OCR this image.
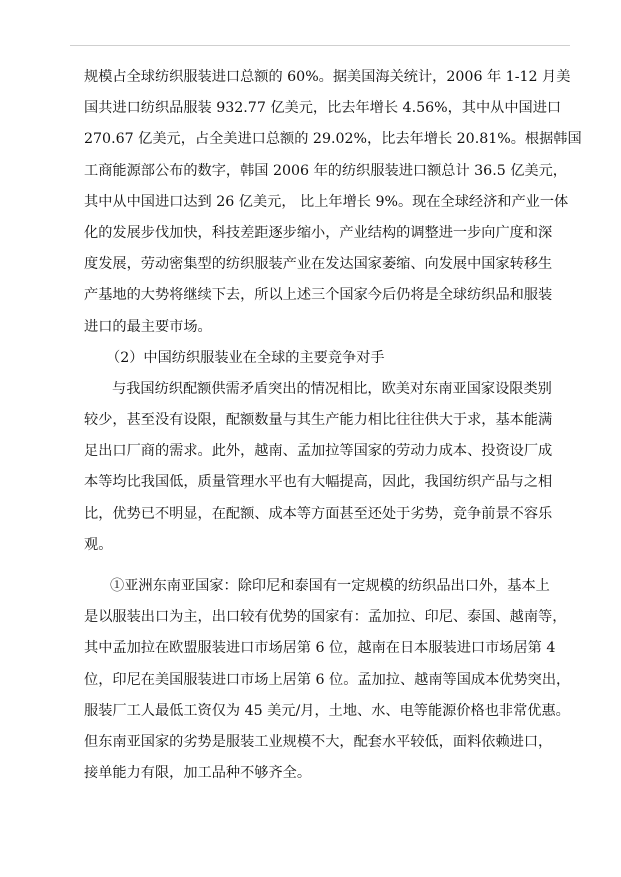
规模占全球纺织服装进口总额的 60%。据美国海关统计，2006 年 1-12 月美
国共进口纺织品服装 932.77 亿美元，比去年增长 4.56%，其中从中国进口
270.67 亿美元，占全美进口总额的 29.02%，比去年增长 20.81%。根据韩国
工商能源部公布的数字，韩国 2006 年的纺织服装进口额总计 36.5 亿美元，
其中从中国进口达到 26 亿美元， 比上年增长 9%。现在全球经济和产业一体
化的发展步伐加快，科技差距逐步缩小，产业结构的调整进一步向广度和深
度发展，劳动密集型的纺织服装产业在发达国家萎缩、向发展中国家转移生
产基地的大势将继续下去，所以上述三个国家今后仍将是全球纺织品和服装
进口的最主要市场。
（2）中国纺织服装业在全球的主要竞争对手
与我国纺织配额供需矛盾突出的情况相比，欧美对东南亚国家设限类别
较少，甚至没有设限，配额数量与其生产能力相比往往供大于求，基本能满
足出口厂商的需求。此外，越南、孟加拉等国家的劳动力成本、投资设厂成
本等均比我国低，质量管理水平也有大幅提高，因此，我国纺织产品与之相
比，优势已不明显，在配额、成本等方面甚至还处于劣势，竞争前景不容乐
观。
①亚洲东南亚国家：除印尼和泰国有一定规模的纺织品出口外，基本上
是以服装出口为主，出口较有优势的国家有：孟加拉、印尼、泰国、越南等，
其中孟加拉在欧盟服装进口市场居第 6 位，越南在日本服装进口市场居第 4
位，印尼在美国服装进口市场上居第 6 位。孟加拉、越南等国成本优势突出，
服装厂工人最低工资仅为 45 美元/月，土地、水、电等能源价格也非常优惠。
但东南亚国家的劣势是服装工业规模不大，配套水平较低，面料依赖进口，
接单能力有限，加工品种不够齐全。
